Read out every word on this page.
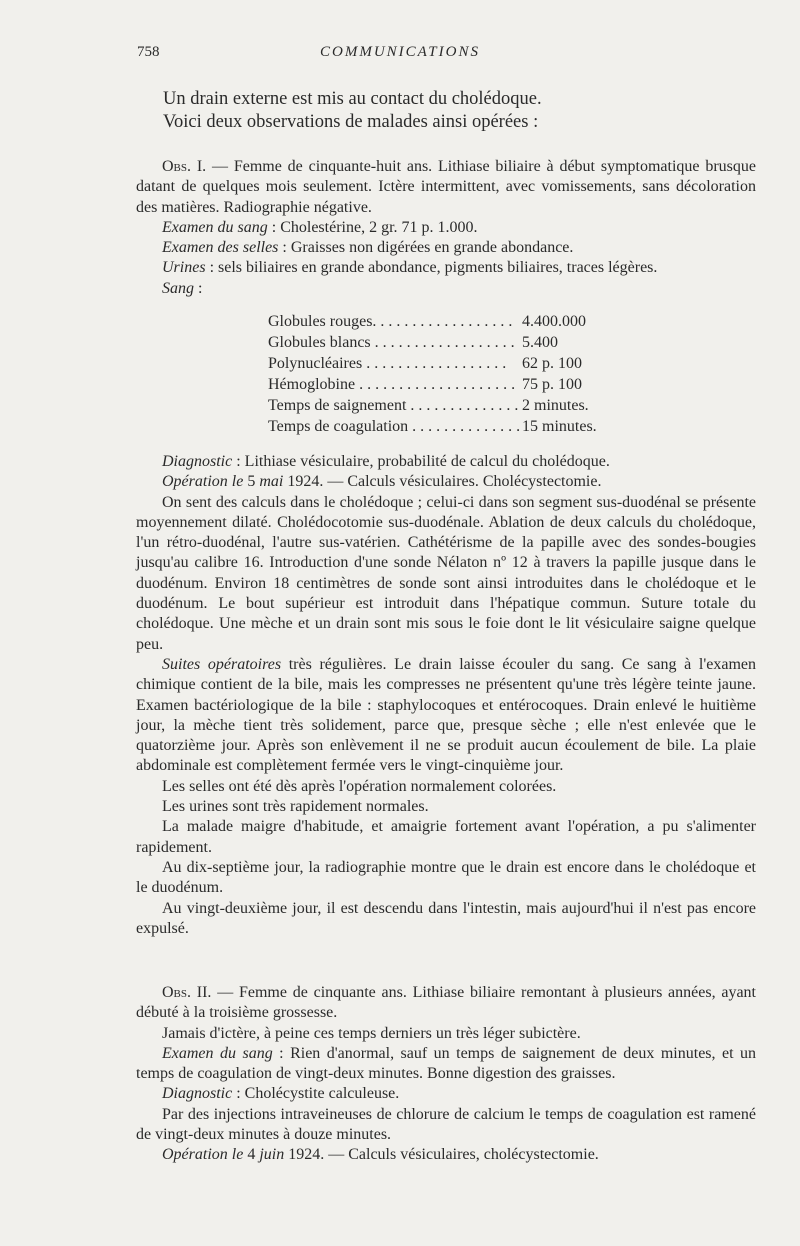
758	COMMUNICATIONS

Un drain externe est mis au contact du cholédoque.

Voici deux observations de malades ainsi opérées :

Obs. I. — Femme de cinquante-huit ans. Lithiase biliaire à début symptomatique brusque datant de quelques mois seulement. Ictère intermittent, avec vomissements, sans décoloration des matières. Radiographie négative.

Examen du sang : Cholestérine, 2 gr. 71 p. 1.000.

Examen des selles : Graisses non digérées en grande abondance.

Urines : sels biliaires en grande abondance, pigments biliaires, traces légères.

Sang :

Globules rouges. . . . . . . . . . . . . . . . . . 4.400.000
Globules blancs . . . . . . . . . . . . . . . . . . 5.400
Polynucléaires . . . . . . . . . . . . . . . . . . 62 p. 100
Hémoglobine . . . . . . . . . . . . . . . . . . . . 75 p. 100
Temps de saignement . . . . . . . . . . . . . . 2 minutes.
Temps de coagulation . . . . . . . . . . . . . . 15 minutes.

Diagnostic : Lithiase vésiculaire, probabilité de calcul du cholédoque.

Opération le 5 mai 1924. — Calculs vésiculaires. Cholécystectomie.

On sent des calculs dans le cholédoque ; celui-ci dans son segment sus-duodénal se présente moyennement dilaté. Cholédocotomie sus-duodénale. Ablation de deux calculs du cholédoque, l'un rétro-duodénal, l'autre sus-vatérien. Cathétérisme de la papille avec des sondes-bougies jusqu'au calibre 16. Introduction d'une sonde Nélaton nº 12 à travers la papille jusque dans le duodénum. Environ 18 centimètres de sonde sont ainsi introduites dans le cholédoque et le duodénum. Le bout supérieur est introduit dans l'hépatique commun. Suture totale du cholédoque. Une mèche et un drain sont mis sous le foie dont le lit vésiculaire saigne quelque peu.

Suites opératoires très régulières. Le drain laisse écouler du sang. Ce sang à l'examen chimique contient de la bile, mais les compresses ne présentent qu'une très légère teinte jaune. Examen bactériologique de la bile : staphylocoques et entérocoques. Drain enlevé le huitième jour, la mèche tient très solidement, parce que, presque sèche ; elle n'est enlevée que le quatorzième jour. Après son enlèvement il ne se produit aucun écoulement de bile. La plaie abdominale est complètement fermée vers le vingt-cinquième jour.

Les selles ont été dès après l'opération normalement colorées.

Les urines sont très rapidement normales.

La malade maigre d'habitude, et amaigrie fortement avant l'opération, a pu s'alimenter rapidement.

Au dix-septième jour, la radiographie montre que le drain est encore dans le cholédoque et le duodénum.

Au vingt-deuxième jour, il est descendu dans l'intestin, mais aujourd'hui il n'est pas encore expulsé.

Obs. II. — Femme de cinquante ans. Lithiase biliaire remontant à plusieurs années, ayant débuté à la troisième grossesse.

Jamais d'ictère, à peine ces temps derniers un très léger subictère.

Examen du sang : Rien d'anormal, sauf un temps de saignement de deux minutes, et un temps de coagulation de vingt-deux minutes. Bonne digestion des graisses.

Diagnostic : Cholécystite calculeuse.

Par des injections intraveineuses de chlorure de calcium le temps de coagulation est ramené de vingt-deux minutes à douze minutes.

Opération le 4 juin 1924. — Calculs vésiculaires, cholécystectomie.
